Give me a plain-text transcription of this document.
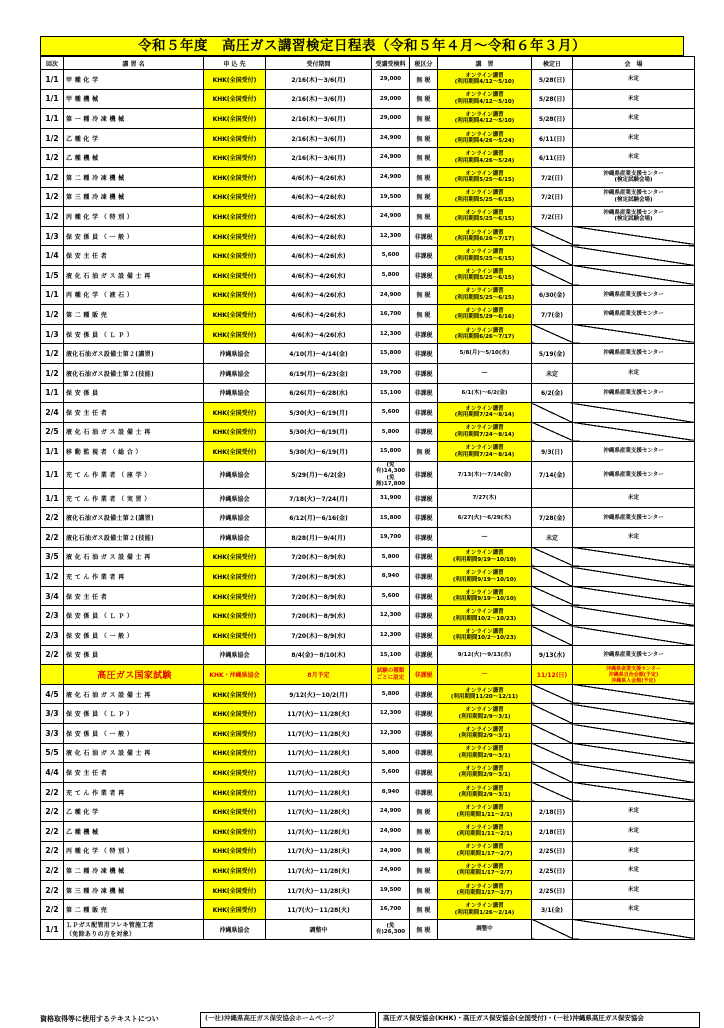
令和５年度　高圧ガス講習検定日程表（令和５年４月～令和６年３月）
回次	講 習 名	申 込 先	受付期間	受講受検料	税区分	講　習	検定日	会　場
1/1	甲 種 化 学	KHK(全国受付)	2/16(木)～3/6(月)	29,000	無 税	オンライン講習
(利用期間4/12～5/10)	5/28(日)	未定
1/1	甲 種 機 械	KHK(全国受付)	2/16(木)～3/6(月)	29,000	無 税	オンライン講習
(利用期間4/12～5/10)	5/28(日)	未定
1/1	第 一 種 冷 凍 機 械	KHK(全国受付)	2/16(木)～3/6(月)	29,000	無 税	オンライン講習
(利用期間4/12～5/10)	5/28(日)	未定
1/2	乙 種 化 学	KHK(全国受付)	2/16(木)～3/6(月)	24,900	無 税	オンライン講習
(利用期間4/26～5/24)	6/11(日)	未定
1/2	乙 種 機 械	KHK(全国受付)	2/16(木)～3/6(月)	24,900	無 税	オンライン講習
(利用期間4/26～5/24)	6/11(日)	未定
1/2	第 二 種 冷 凍 機 械	KHK(全国受付)	4/6(木)～4/26(水)	24,900	無 税	オンライン講習
(利用期間5/25～6/15)	7/2(日)	沖縄県産業支援センター
(検定試験会場)
1/2	第 三 種 冷 凍 機 械	KHK(全国受付)	4/6(木)～4/26(水)	19,500	無 税	オンライン講習
(利用期間5/25～6/15)	7/2(日)	沖縄県産業支援センター
(検定試験会場)
1/2	丙 種 化 学 （ 特 別 ）	KHK(全国受付)	4/6(木)～4/26(水)	24,900	無 税	オンライン講習
(利用期間5/25～6/15)	7/2(日)	沖縄県産業支援センター
(検定試験会場)
1/3	保 安 係 員 （ 一 般 ）	KHK(全国受付)	4/6(木)～4/26(水)	12,300	非課税	オンライン講習
(利用期間6/26～7/17)		
1/4	保 安 主 任 者	KHK(全国受付)	4/6(木)～4/26(水)	5,600	非課税	オンライン講習
(利用期間5/25～6/15)		
1/5	液 化 石 油 ガ ス 設 備 士 再	KHK(全国受付)	4/6(木)～4/26(水)	5,800	非課税	オンライン講習
(利用期間5/25～6/15)		
1/1	丙 種 化 学 （ 液 石 ）	KHK(全国受付)	4/6(木)～4/26(水)	24,900	無 税	オンライン講習
(利用期間5/25～6/15)	6/30(金)	沖縄県産業支援センター
1/2	第 二 種 販 売	KHK(全国受付)	4/6(木)～4/26(水)	16,700	無 税	オンライン講習
(利用期間5/29～6/16)	7/7(金)	沖縄県産業支援センター
1/3	保 安 係 員 （ Ｌ Ｐ ）	KHK(全国受付)	4/6(木)～4/26(水)	12,300	非課税	オンライン講習
(利用期間6/26～7/17)		
1/2	液化石油ガス設備士第２(講習)	沖縄県協会	4/10(月)～4/14(金)	15,800	非課税	5/8(月)～5/10(水)	5/19(金)	沖縄県産業支援センター
1/2	液化石油ガス設備士第２(技能)	沖縄県協会	6/19(月)～6/23(金)	19,700	非課税	―	未定	未定
1/1	保 安 係 員	沖縄県協会	6/26(月)～6/28(水)	15,100	非課税	6/1(木)～6/2(金)	6/2(金)	沖縄県産業支援センター
2/4	保 安 主 任 者	KHK(全国受付)	5/30(火)～6/19(月)	5,600	非課税	オンライン講習
(利用期間7/24～8/14)		
2/5	液 化 石 油 ガ ス 設 備 士 再	KHK(全国受付)	5/30(火)～6/19(月)	5,800	非課税	オンライン講習
(利用期間7/24～8/14)		
1/1	移 動 監 視 者 （ 総 合 ）	KHK(全国受付)	5/30(火)～6/19(月)	15,800	無 税	オンライン講習
(利用期間7/24～8/14)	9/3(日)	沖縄県産業支援センター
1/1	充 て ん 作 業 者 （ 座 学 ）	沖縄県協会	5/29(月)～6/2(金)	(免有)14,300
(免無)17,800	非課税	7/13(木)～7/14(金)	7/14(金)	沖縄県産業支援センター
1/1	充 て ん 作 業 者 （ 実 習 ）	沖縄県協会	7/18(火)～7/24(月)	31,900	非課税	7/27(木)		未定
2/2	液化石油ガス設備士第２(講習)	沖縄県協会	6/12(月)～6/16(金)	15,800	非課税	6/27(火)～6/29(木)	7/28(金)	沖縄県産業支援センター
2/2	液化石油ガス設備士第２(技能)	沖縄県協会	8/28(月)～9/4(月)	19,700	非課税	―	未定	未定
3/5	液 化 石 油 ガ ス 設 備 士 再	KHK(全国受付)	7/20(木)～8/9(水)	5,800	非課税	オンライン講習
(利用期間9/19～10/10)		
1/2	充 て ん 作 業 者 再	KHK(全国受付)	7/20(木)～8/9(水)	8,940	非課税	オンライン講習
(利用期間9/19～10/10)		
3/4	保 安 主 任 者	KHK(全国受付)	7/20(木)～8/9(水)	5,600	非課税	オンライン講習
(利用期間9/19～10/10)		
2/3	保 安 係 員 （ Ｌ Ｐ ）	KHK(全国受付)	7/20(木)～8/9(水)	12,300	非課税	オンライン講習
(利用期間10/2～10/23)		
2/3	保 安 係 員 （ 一 般 ）	KHK(全国受付)	7/20(木)～8/9(水)	12,300	非課税	オンライン講習
(利用期間10/2～10/23)		
2/2	保 安 係 員	沖縄県協会	8/4(金)～8/10(木)	15,100	非課税	9/12(火)～9/13(水)	9/13(水)	沖縄県産業支援センター
	高圧ガス国家試験	KHK・沖縄県協会	8月予定	試験の種類
ごとに設定	非課税	―	11/12(日)	沖縄県産業支援センター
沖縄県自治会館(予定)
沖縄県人会館(予定)
4/5	液 化 石 油 ガ ス 設 備 士 再	KHK(全国受付)	9/12(火)～10/2(月)	5,800	非課税	オンライン講習
(利用期間11/20～12/11)		
3/3	保 安 係 員 （ Ｌ Ｐ ）	KHK(全国受付)	11/7(火)～11/28(火)	12,300	非課税	オンライン講習
(利用期間2/9～3/1)		
3/3	保 安 係 員 （ 一 般 ）	KHK(全国受付)	11/7(火)～11/28(火)	12,300	非課税	オンライン講習
(利用期間2/9～3/1)		
5/5	液 化 石 油 ガ ス 設 備 士 再	KHK(全国受付)	11/7(火)～11/28(火)	5,800	非課税	オンライン講習
(利用期間2/9～3/1)		
4/4	保 安 主 任 者	KHK(全国受付)	11/7(火)～11/28(火)	5,600	非課税	オンライン講習
(利用期間2/9～3/1)		
2/2	充 て ん 作 業 者 再	KHK(全国受付)	11/7(火)～11/28(火)	8,940	非課税	オンライン講習
(利用期間2/9～3/1)		
2/2	乙 種 化 学	KHK(全国受付)	11/7(火)～11/28(火)	24,900	無 税	オンライン講習
(利用期間1/11～2/1)	2/18(日)	未定
2/2	乙 種 機 械	KHK(全国受付)	11/7(火)～11/28(火)	24,900	無 税	オンライン講習
(利用期間1/11～2/1)	2/18(日)	未定
2/2	丙 種 化 学 （ 特 別 ）	KHK(全国受付)	11/7(火)～11/28(火)	24,900	無 税	オンライン講習
(利用期間1/17～2/7)	2/25(日)	未定
2/2	第 二 種 冷 凍 機 械	KHK(全国受付)	11/7(火)～11/28(火)	24,900	無 税	オンライン講習
(利用期間1/17～2/7)	2/25(日)	未定
2/2	第 三 種 冷 凍 機 械	KHK(全国受付)	11/7(火)～11/28(火)	19,500	無 税	オンライン講習
(利用期間1/17～2/7)	2/25(日)	未定
2/2	第 二 種 販 売	KHK(全国受付)	11/7(火)～11/28(火)	16,700	無 税	オンライン講習
(利用期間1/26～2/14)	3/1(金)	未定
1/1	ＬＰガス配管用フレキ管施工者
（免除ありの方を対象）	沖縄県協会	調整中	(免有)26,300	無 税	調整中		
資格取得等に使用するテキストについ	(一社)沖縄県高圧ガス保安協会ホームページ	高圧ガス保安協会(KHK)・高圧ガス保安協会(全国受付)・(一社)沖縄県高圧ガス保安協会
